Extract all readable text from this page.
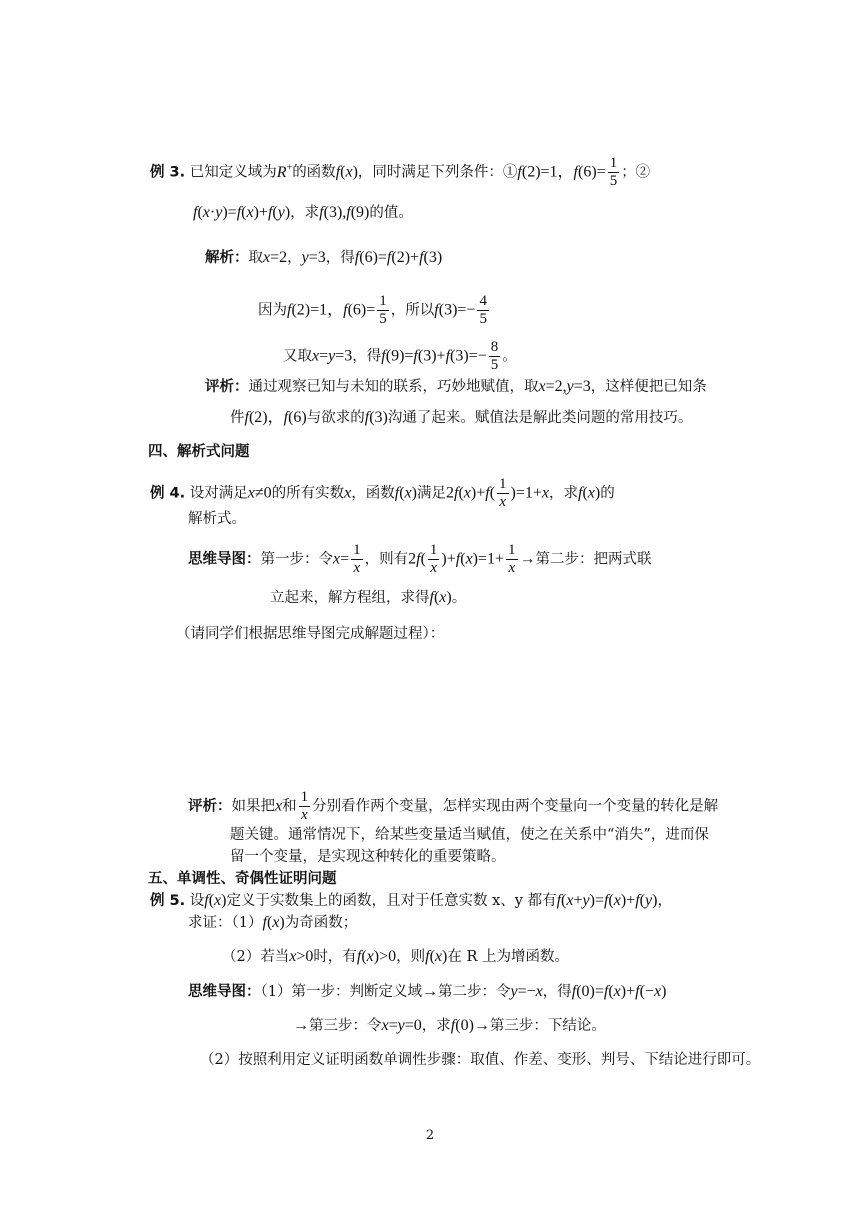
例 3. 已知定义域为R+的函数f(x)，同时满足下列条件：①f(2)=1，$f(6)= \frac{1}{5}$ ；②
f(x·y)=f(x)+f(y)，求f(3),f(9)的值。
解析：取x=2，y=3，得f(6)=f(2)+f(3)
因为f(2)=1，$f(6)= \frac{1}{5}$ ，所以$f(3)=- \frac{4}{5}$
又取x=y=3，得$f(9)=f(3)+f(3)=- \frac{8}{5}$ 。
评析：通过观察已知与未知的联系，巧妙地赋值，取x=2,y=3，这样便把已知条
件f(2)，f(6)与欲求的f(3)沟通了起来。赋值法是解此类问题的常用技巧。
四、解析式问题
例 4. 设对满足x≠0的所有实数x，函数f(x)满足$2f(x)+f( \frac{1}{x} )=1+x$，求f(x)的
解析式。
思维导图：第一步：令$x= \frac{1}{x}$ ，则有$2f( \frac{1}{x} )+f(x)=1+ \frac{1}{x}$ →第二步：把两式联
立起来，解方程组，求得f(x)。
（请同学们根据思维导图完成解题过程）：
评析：如果把x和 $\frac{1}{x}$ 分别看作两个变量，怎样实现由两个变量向一个变量的转化是解
题关键。通常情况下，给某些变量适当赋值，使之在关系中“消失”，进而保
留一个变量，是实现这种转化的重要策略。
五、单调性、奇偶性证明问题
例 5. 设f(x)定义于实数集上的函数，且对于任意实数 x、y 都有f(x+y)=f(x)+f(y)，
求证：（1）f(x)为奇函数；
（2）若当x>0时，有f(x)>0，则f(x)在 R 上为增函数。
思维导图：（1）第一步：判断定义域→第二步：令y=−x，得f(0)=f(x)+f(−x)
→第三步：令x=y=0，求f(0)→第三步：下结论。
（2）按照利用定义证明函数单调性步骤：取值、作差、变形、判号、下结论进行即可。
2
